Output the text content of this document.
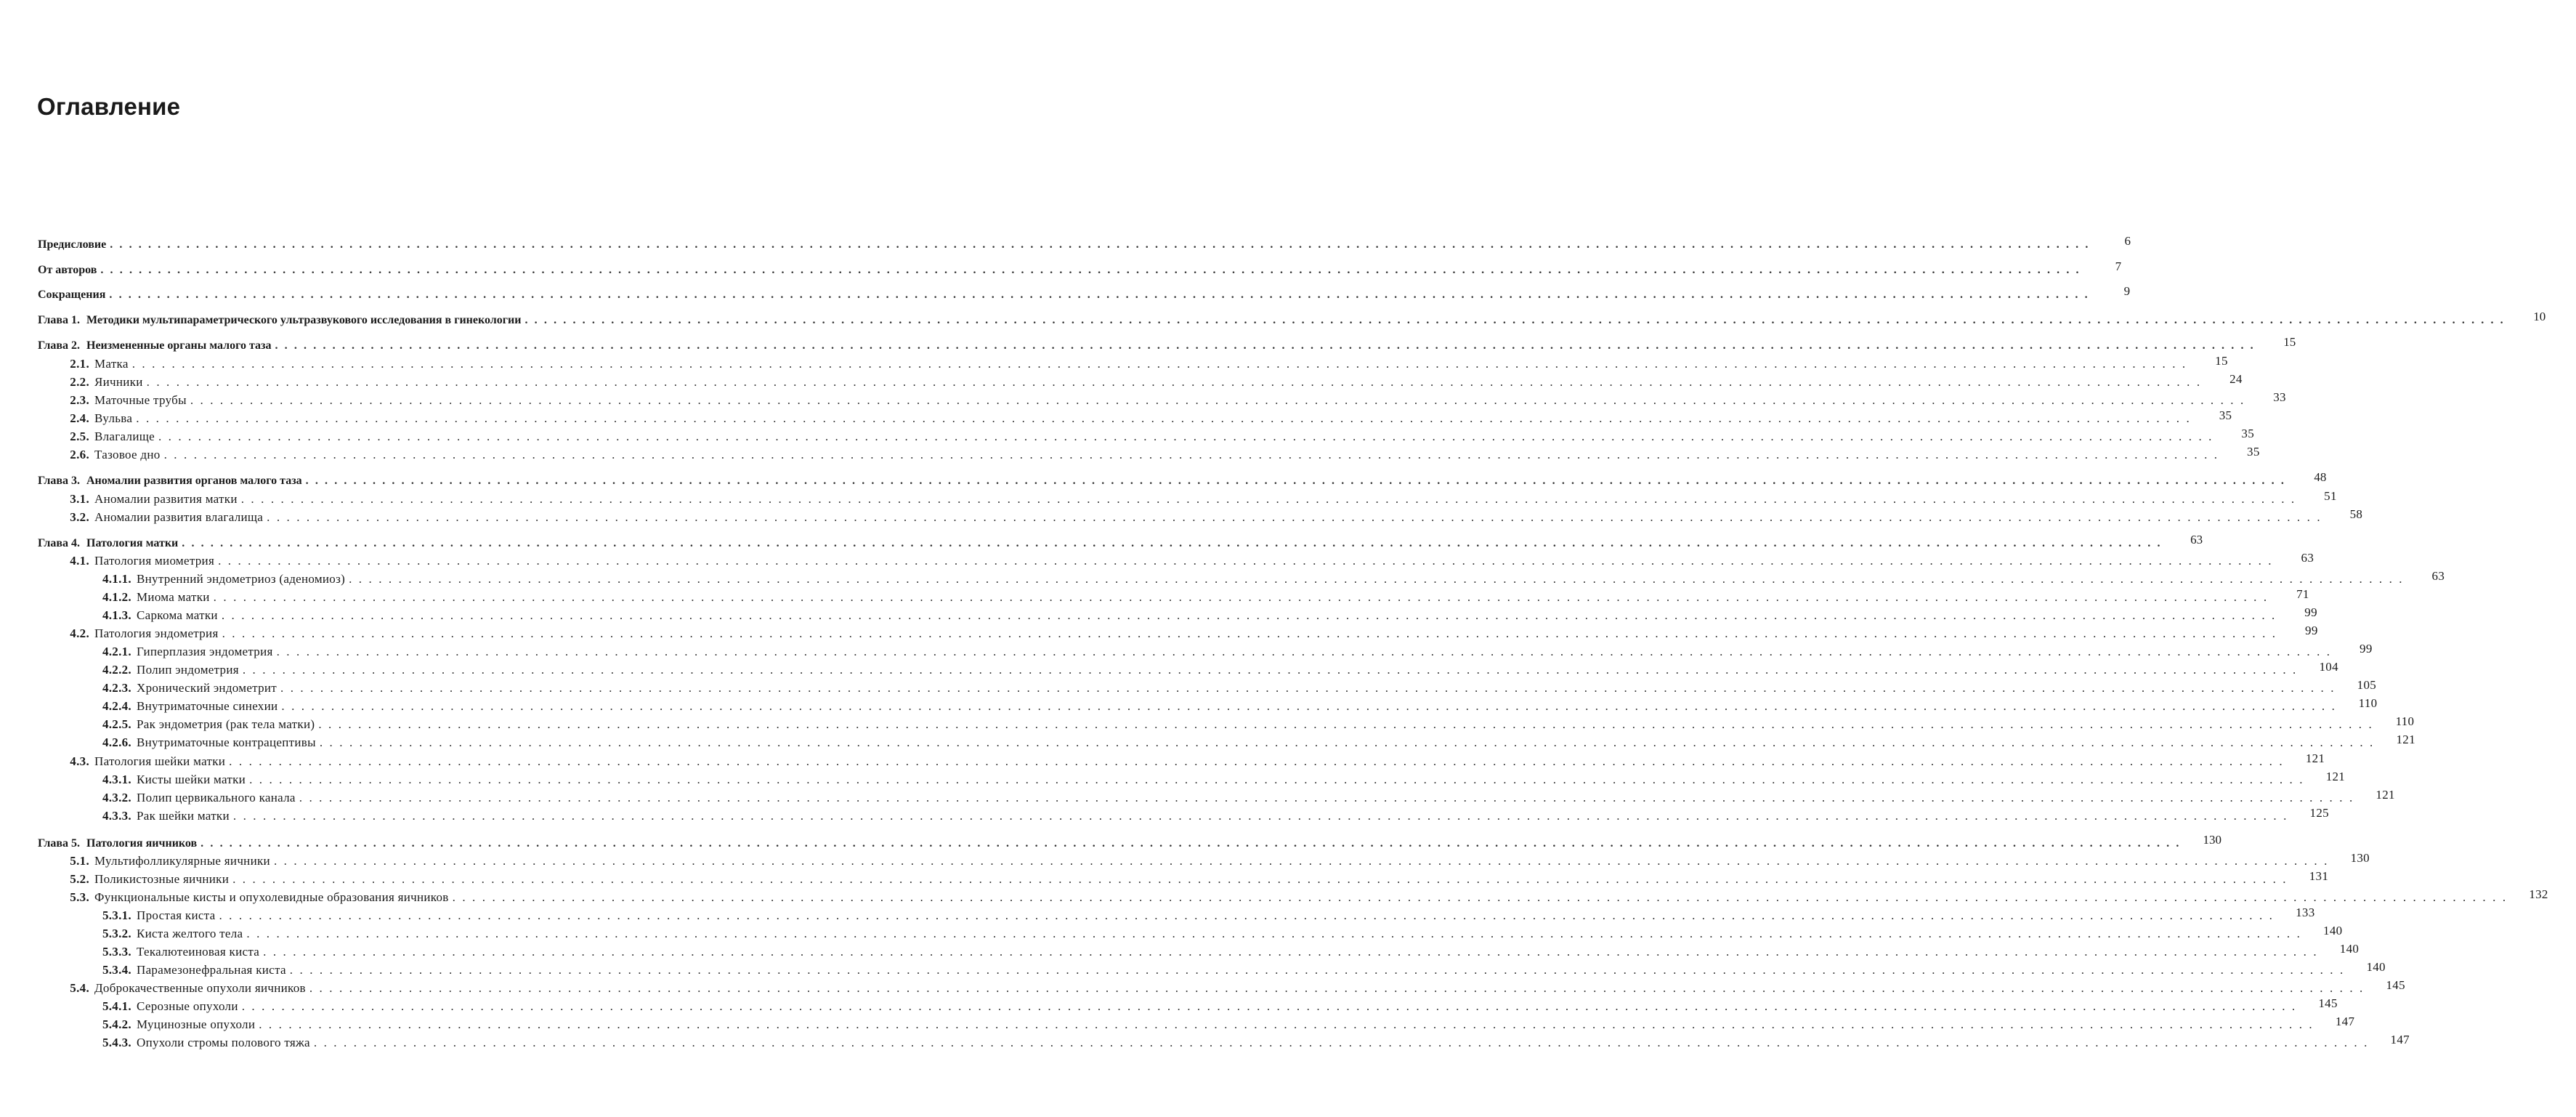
Оглавление
Предисловие . . .	6
От авторов . . .	7
Сокращения . . .	9
Глава 1. Методики мультипараметрического ультразвукового исследования в гинекологии . . .	10
Глава 2. Неизмененные органы малого таза . . .	15
2.1. Матка . . .	15
2.2. Яичники . . .	24
2.3. Маточные трубы . . .	33
2.4. Вульва . . .	35
2.5. Влагалище . . .	35
2.6. Тазовое дно . . .	35
Глава 3. Аномалии развития органов малого таза . . .	48
3.1. Аномалии развития матки . . .	51
3.2. Аномалии развития влагалища . . .	58
Глава 4. Патология матки . . .	63
4.1. Патология миометрия . . .	63
4.1.1. Внутренний эндометриоз (аденомиоз) . . .	63
4.1.2. Миома матки . . .	71
4.1.3. Саркома матки . . .	99
4.2. Патология эндометрия . . .	99
4.2.1. Гиперплазия эндометрия . . .	99
4.2.2. Полип эндометрия . . .	104
4.2.3. Хронический эндометрит . . .	105
4.2.4. Внутриматочные синехии . . .	110
4.2.5. Рак эндометрия (рак тела матки) . . .	110
4.2.6. Внутриматочные контрацептивы . . .	121
4.3. Патология шейки матки . . .	121
4.3.1. Кисты шейки матки . . .	121
4.3.2. Полип цервикального канала . . .	121
4.3.3. Рак шейки матки . . .	125
Глава 5. Патология яичников . . .	130
5.1. Мультифолликулярные яичники . . .	130
5.2. Поликистозные яичники . . .	131
5.3. Функциональные кисты и опухолевидные образования яичников . . .	132
5.3.1. Простая киста . . .	133
5.3.2. Киста желтого тела . . .	140
5.3.3. Текалютеиновая киста . . .	140
5.3.4. Парамезонефральная киста . . .	140
5.4. Доброкачественные опухоли яичников . . .	145
5.4.1. Серозные опухоли . . .	145
5.4.2. Муцинозные опухоли . . .	147
5.4.3. Опухоли стромы полового тяжа . . .	147
